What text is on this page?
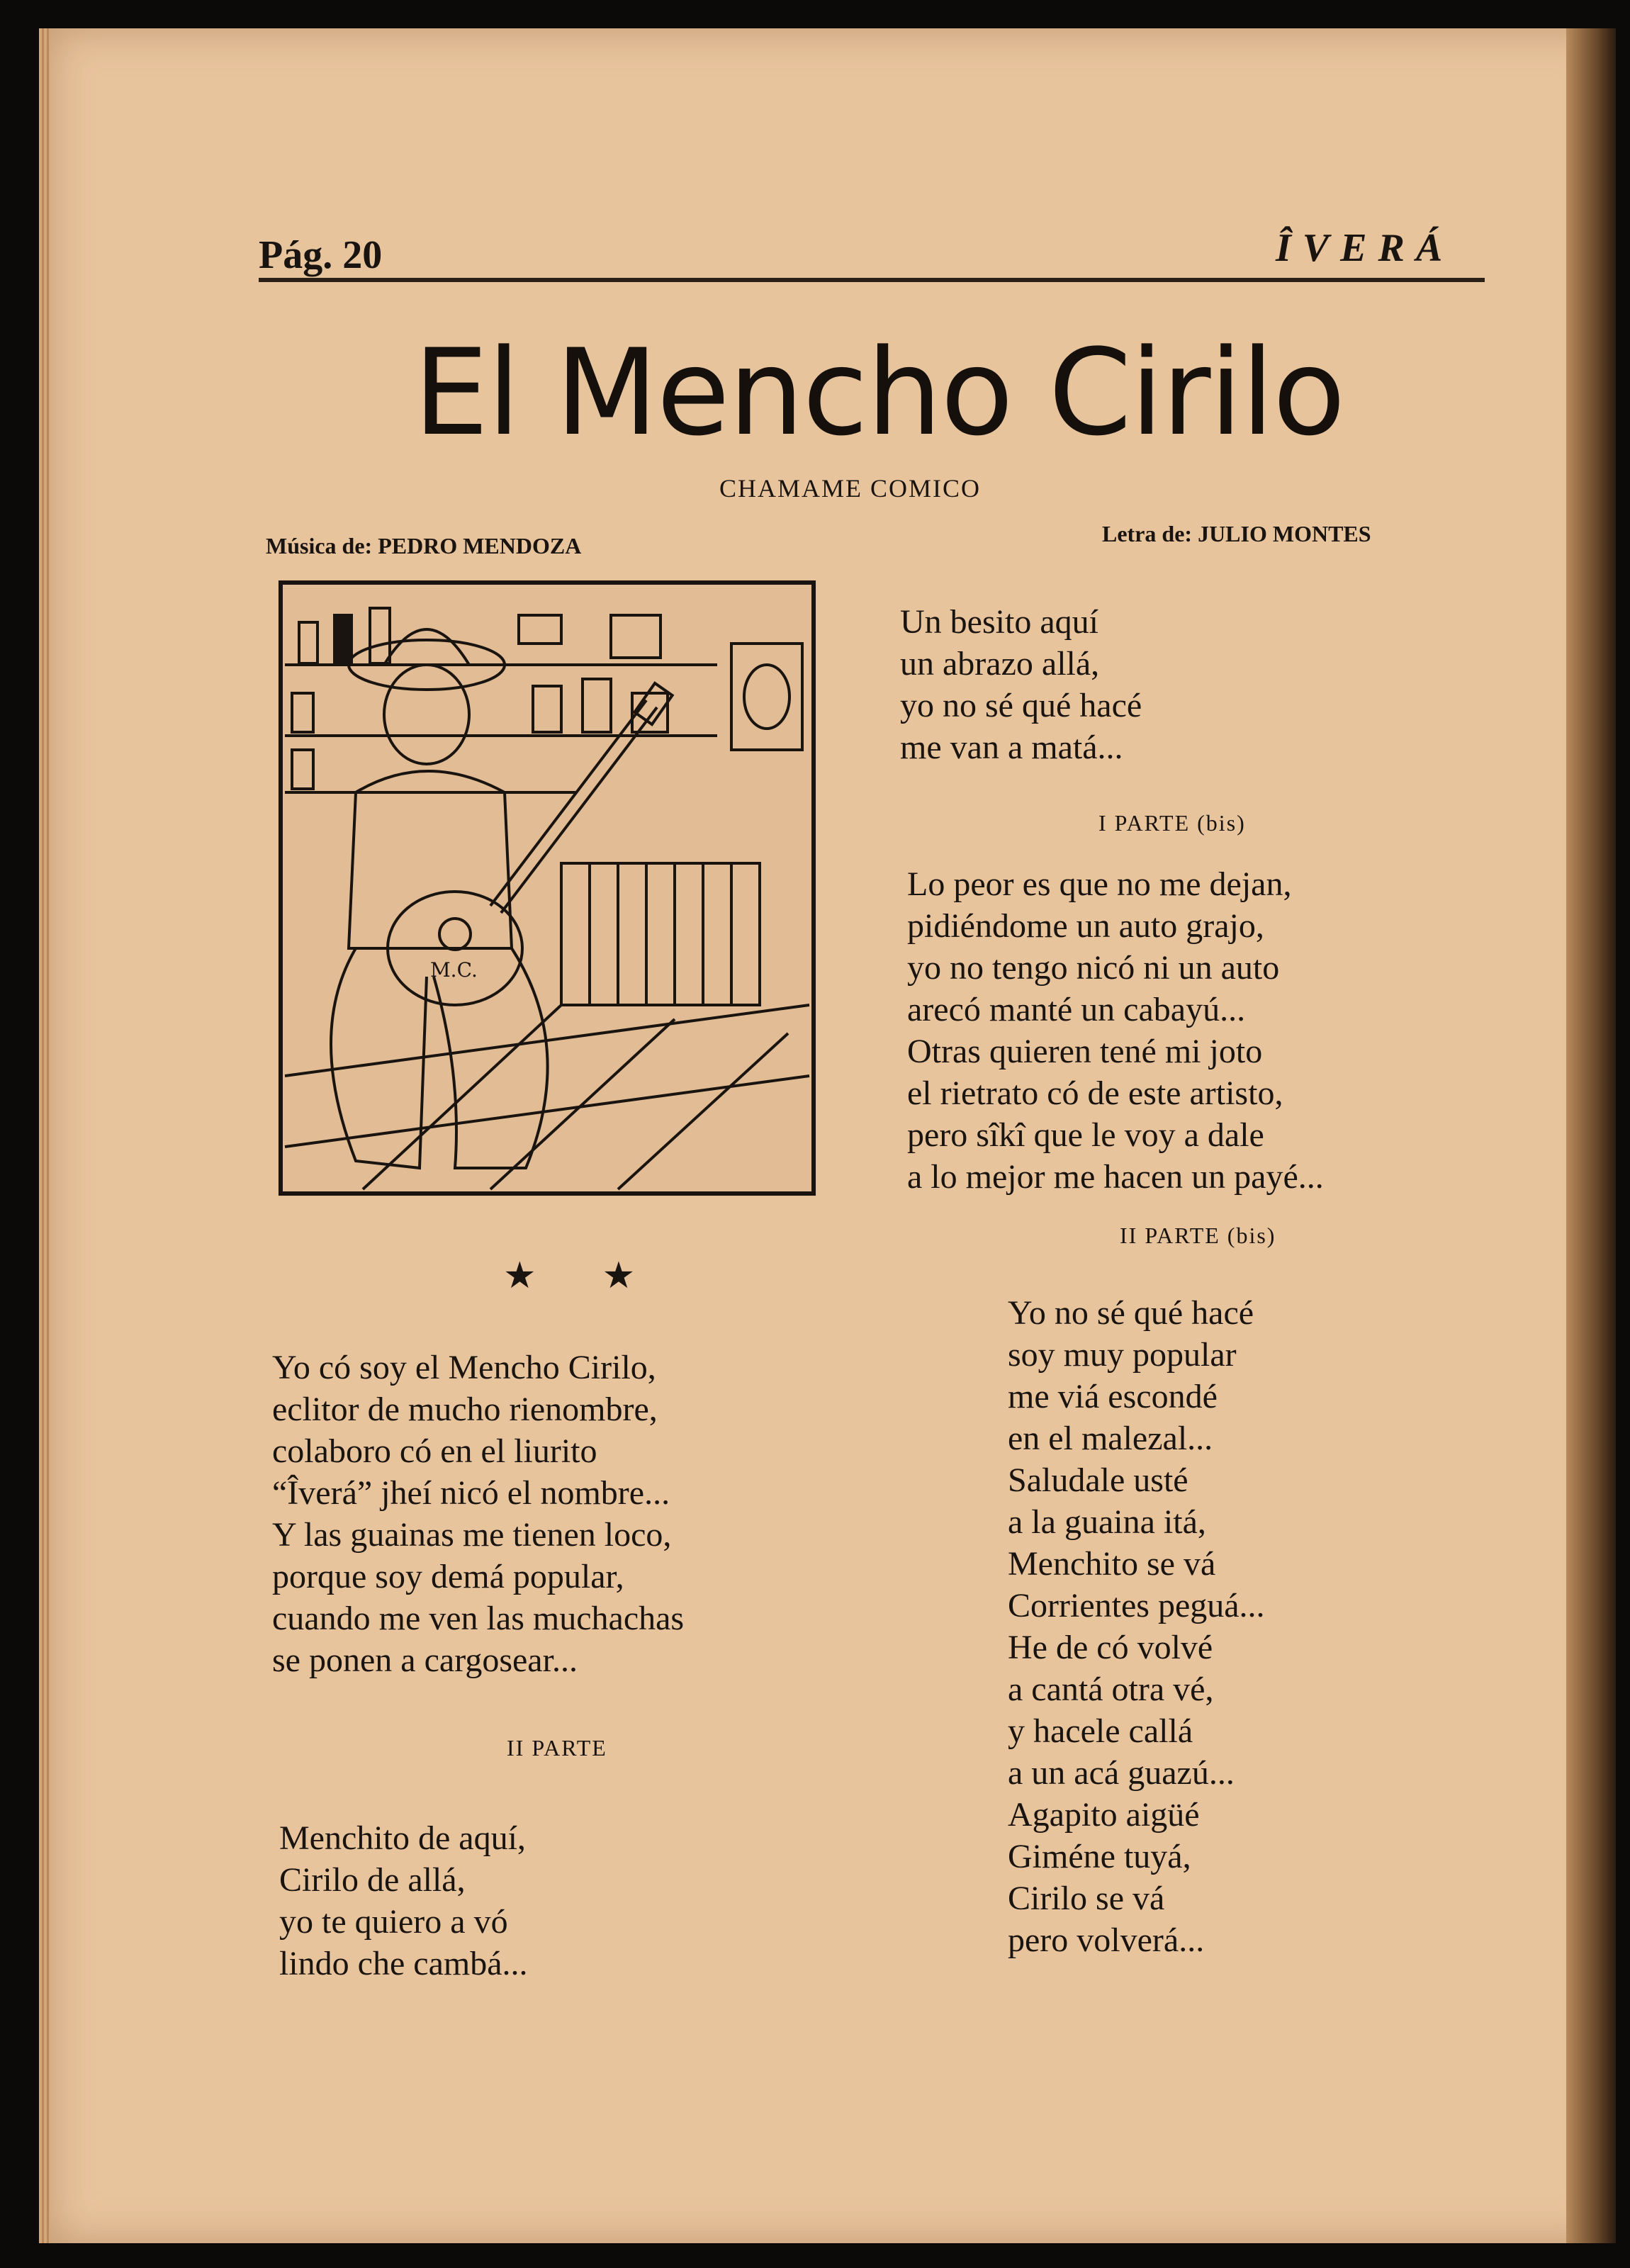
Pág. 20	ÎVERÁ
El Mencho Cirilo
CHAMAME COMICO
Música de: PEDRO MENDOZA	Letra de: JULIO MONTES
M.C.
★ ★
Yo có soy el Mencho Cirilo,
eclitor de mucho rienombre,
colaboro có en el liurito
“Îverá” jheí nicó el nombre...
Y las guainas me tienen loco,
porque soy demá popular,
cuando me ven las muchachas
se ponen a cargosear...
II PARTE
Menchito de aquí,
Cirilo de allá,
yo te quiero a vó
lindo che cambá...
Un besito aquí
un abrazo allá,
yo no sé qué hacé
me van a matá...
I PARTE (bis)
Lo peor es que no me dejan,
pidiéndome un auto grajo,
yo no tengo nicó ni un auto
arecó manté un cabayú...
Otras quieren tené mi joto
el rietrato có de este artisto,
pero sîkî que le voy a dale
a lo mejor me hacen un payé...
II PARTE (bis)
Yo no sé qué hacé
soy muy popular
me viá escondé
en el malezal...
Saludale usté
a la guaina itá,
Menchito se vá
Corrientes peguá...
He de có volvé
a cantá otra vé,
y hacele callá
a un acá guazú...
Agapito aigüé
Giméne tuyá,
Cirilo se vá
pero volverá...
